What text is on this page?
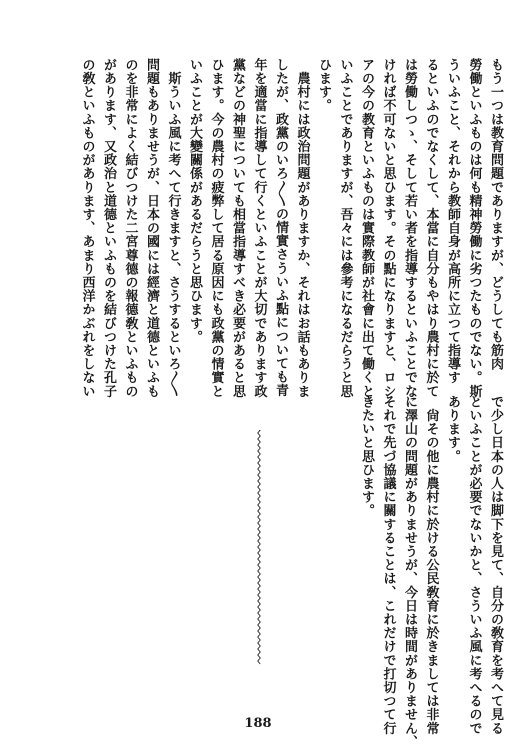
もう一つは教育問題でありますが、どうしても筋肉
勞働といふものは何も精神勞働に劣つたものでない。斯
ういふこと、それから教師自身が高所に立つて指導す
るといふのでなくして、本當に自分もやはり農村に於て
は勞働しつゝ、そして若い者を指導するといふことでな
ければ不可ないと思ひます。その點になりますと、ロシ
アの今の教育といふものは實際教師が社會に出て働くと
いふことでありますが、吾々には參考になるだらうと思
ひます。
　農村には政治問題がありますか、それはお話もありま
したが、政黨のいろ〳〵の情實さういふ點についても青
年を適當に指導して行くといふことが大切であります政
黨などの神聖についても相當指導すべき必要があると思
ひます。今の農村の疲弊して居る原因にも政黨の情實と
いふことが大變關係があるだらうと思ひます。
　斯ういふ風に考へて行きますと、さうするといろ〳〵
問題もありませうが、日本の國には經濟と道德といふも
のを非常によく結びつけた二宮尊德の報德敎といふもの
があります、又政治と道德といふものを結びつけた孔子
の敎といふものがあります、あまり西洋かぶれをしない
で少し日本の人は脚下を見て、自分の敎育を考へて見る
といふことが必要でないかと、さういふ風に考へるので
あります。
　尙その他に農村に於ける公民敎育に於きましては非常
に澤山の問題がありませうが、今日は時間がありません、
それで先づ協議に關することは、これだけで打切つて行
きたいと思ひます。
188
